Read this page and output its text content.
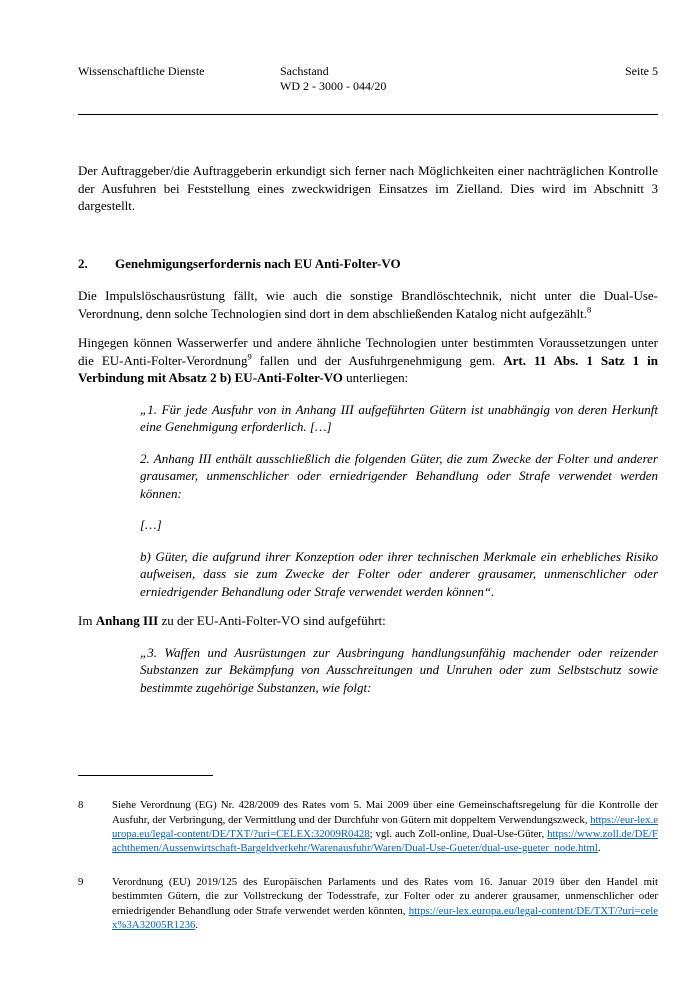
Wissenschaftliche Dienste	Sachstand
WD 2 - 3000 - 044/20
Seite 5

Der Auftraggeber/die Auftraggeberin erkundigt sich ferner nach Möglichkeiten einer nachträglichen Kontrolle der Ausfuhren bei Feststellung eines zweckwidrigen Einsatzes im Zielland. Dies wird im Abschnitt 3 dargestellt.

2.	Genehmigungserfordernis nach EU Anti-Folter-VO

Die Impulslöschausrüstung fällt, wie auch die sonstige Brandlöschtechnik, nicht unter die Dual-Use-Verordnung, denn solche Technologien sind dort in dem abschließenden Katalog nicht aufgezählt.$^8$

Hingegen können Wasserwerfer und andere ähnliche Technologien unter bestimmten Voraussetzungen unter die EU-Anti-Folter-Verordnung$^9$ fallen und der Ausfuhrgenehmigung gem. Art. 11 Abs. 1 Satz 1 in Verbindung mit Absatz 2 b) EU-Anti-Folter-VO unterliegen:

„1. Für jede Ausfuhr von in Anhang III aufgeführten Gütern ist unabhängig von deren Herkunft eine Genehmigung erforderlich. […]

2. Anhang III enthält ausschließlich die folgenden Güter, die zum Zwecke der Folter und anderer grausamer, unmenschlicher oder erniedrigender Behandlung oder Strafe verwendet werden können:

[…]

b) Güter, die aufgrund ihrer Konzeption oder ihrer technischen Merkmale ein erhebliches Risiko aufweisen, dass sie zum Zwecke der Folter oder anderer grausamer, unmenschlicher oder erniedrigender Behandlung oder Strafe verwendet werden können“.

Im Anhang III zu der EU-Anti-Folter-VO sind aufgeführt:

„3. Waffen und Ausrüstungen zur Ausbringung handlungsunfähig machender oder reizender Substanzen zur Bekämpfung von Ausschreitungen und Unruhen oder zum Selbstschutz sowie bestimmte zugehörige Substanzen, wie folgt:

8	Siehe Verordnung (EG) Nr. 428/2009 des Rates vom 5. Mai 2009 über eine Gemeinschaftsregelung für die Kontrolle der Ausfuhr, der Verbringung, der Vermittlung und der Durchfuhr von Gütern mit doppeltem Verwendungszweck, https://eur-lex.europa.eu/legal-content/DE/TXT/?uri=CELEX:32009R0428; vgl. auch Zoll-online, Dual-Use-Güter, https://www.zoll.de/DE/Fachthemen/Aussenwirtschaft-Bargeldverkehr/Warenausfuhr/Waren/Dual-Use-Gueter/dual-use-gueter_node.html.
9	Verordnung (EU) 2019/125 des Europäischen Parlaments und des Rates vom 16. Januar 2019 über den Handel mit bestimmten Gütern, die zur Vollstreckung der Todesstrafe, zur Folter oder zu anderer grausamer, unmenschlicher oder erniedrigender Behandlung oder Strafe verwendet werden könnten, https://eur-lex.europa.eu/legal-content/DE/TXT/?uri=celex%3A32005R1236.
